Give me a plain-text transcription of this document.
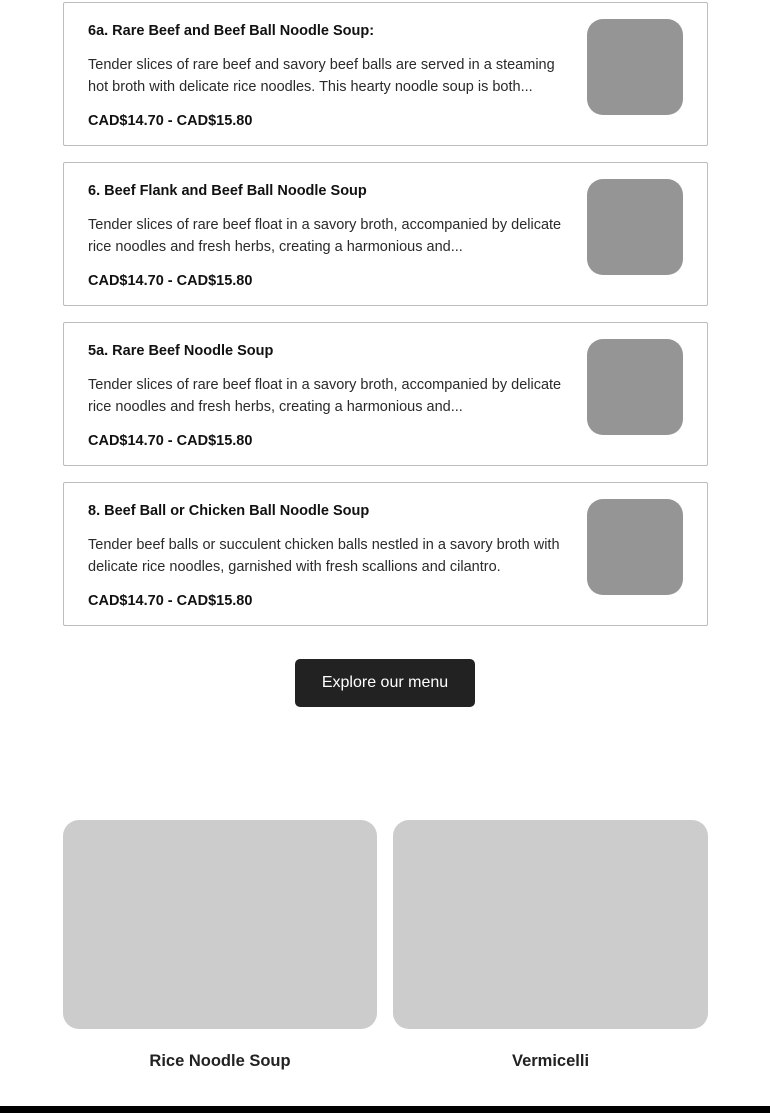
6a. Rare Beef and Beef Ball Noodle Soup:
Tender slices of rare beef and savory beef balls are served in a steaming hot broth with delicate rice noodles. This hearty noodle soup is both...
CAD$14.70 - CAD$15.80
6. Beef Flank and Beef Ball Noodle Soup
Tender slices of rare beef float in a savory broth, accompanied by delicate rice noodles and fresh herbs, creating a harmonious and...
CAD$14.70 - CAD$15.80
5a. Rare Beef Noodle Soup
Tender slices of rare beef float in a savory broth, accompanied by delicate rice noodles and fresh herbs, creating a harmonious and...
CAD$14.70 - CAD$15.80
8. Beef Ball or Chicken Ball Noodle Soup
Tender beef balls or succulent chicken balls nestled in a savory broth with delicate rice noodles, garnished with fresh scallions and cilantro.
CAD$14.70 - CAD$15.80
Explore our menu
Rice Noodle Soup	Vermicelli
